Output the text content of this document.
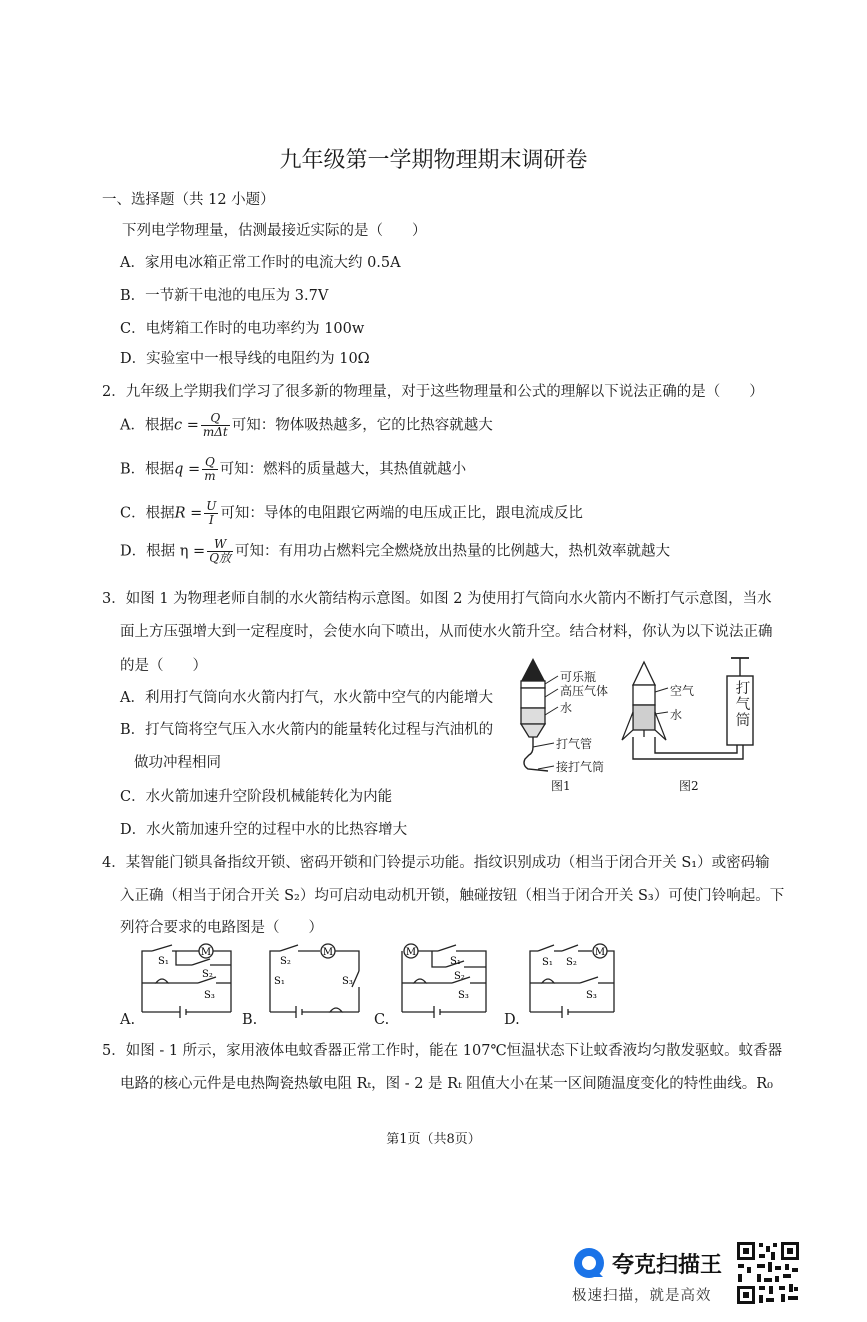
九年级第一学期物理期末调研卷
一、选择题（共 12 小题）
下列电学物理量，估测最接近实际的是（　　）
A．家用电冰箱正常工作时的电流大约 0.5A
B．一节新干电池的电压为 3.7V
C．电烤箱工作时的电功率约为 100w
D．实验室中一根导线的电阻约为 10Ω
2．九年级上学期我们学习了很多新的物理量，对于这些物理量和公式的理解以下说法正确的是（　　）
A．根据$c = \frac{Q}{\text{mΔt}}$ 可知：物体吸热越多，它的比热容就越大
B．根据$q = \frac{Q}{m}$ 可知：燃料的质量越大，其热值就越小
C．根据$R = \frac{U}{I}$ 可知：导体的电阻跟它两端的电压成正比，跟电流成反比
D．根据 $\eta = \frac{W}{\text{Q放}}$ 可知：有用功占燃料完全燃烧放出热量的比例越大，热机效率就越大
3．如图 1 为物理老师自制的水火箭结构示意图。如图 2 为使用打气筒向水火箭内不断打气示意图，当水
面上方压强增大到一定程度时，会使水向下喷出，从而使水火箭升空。结合材料，你认为以下说法正确
的是（　　）
A．利用打气筒向水火箭内打气，水火箭中空气的内能增大
B．打气筒将空气压入水火箭内的能量转化过程与汽油机的
做功冲程相同
C．水火箭加速升空阶段机械能转化为内能
D．水火箭加速升空的过程中水的比热容增大
可乐瓶
高压气体
水
打气管
接打气筒
图1
空气
水
打气筒
图2
4．某智能门锁具备指纹开锁、密码开锁和门铃提示功能。指纹识别成功（相当于闭合开关 S₁）或密码输
入正确（相当于闭合开关 S₂）均可启动电动机开锁，触碰按钮（相当于闭合开关 S₃）可使门铃响起。下
列符合要求的电路图是（　　）
M
S₁
S₂
S₃
M
S₂
S₁	S₃
M
S₁
S₂
S₃
M
S₁ S₂
S₃
A.	B.	C.	D.
5．如图 - 1 所示，家用液体电蚊香器正常工作时，能在 107℃恒温状态下让蚊香液均匀散发驱蚊。蚊香器
电路的核心元件是电热陶瓷热敏电阻 Rₜ，图 - 2 是 Rₜ 阻值大小在某一区间随温度变化的特性曲线。R₀
第1页（共8页）
夸克扫描王
极速扫描，就是高效
